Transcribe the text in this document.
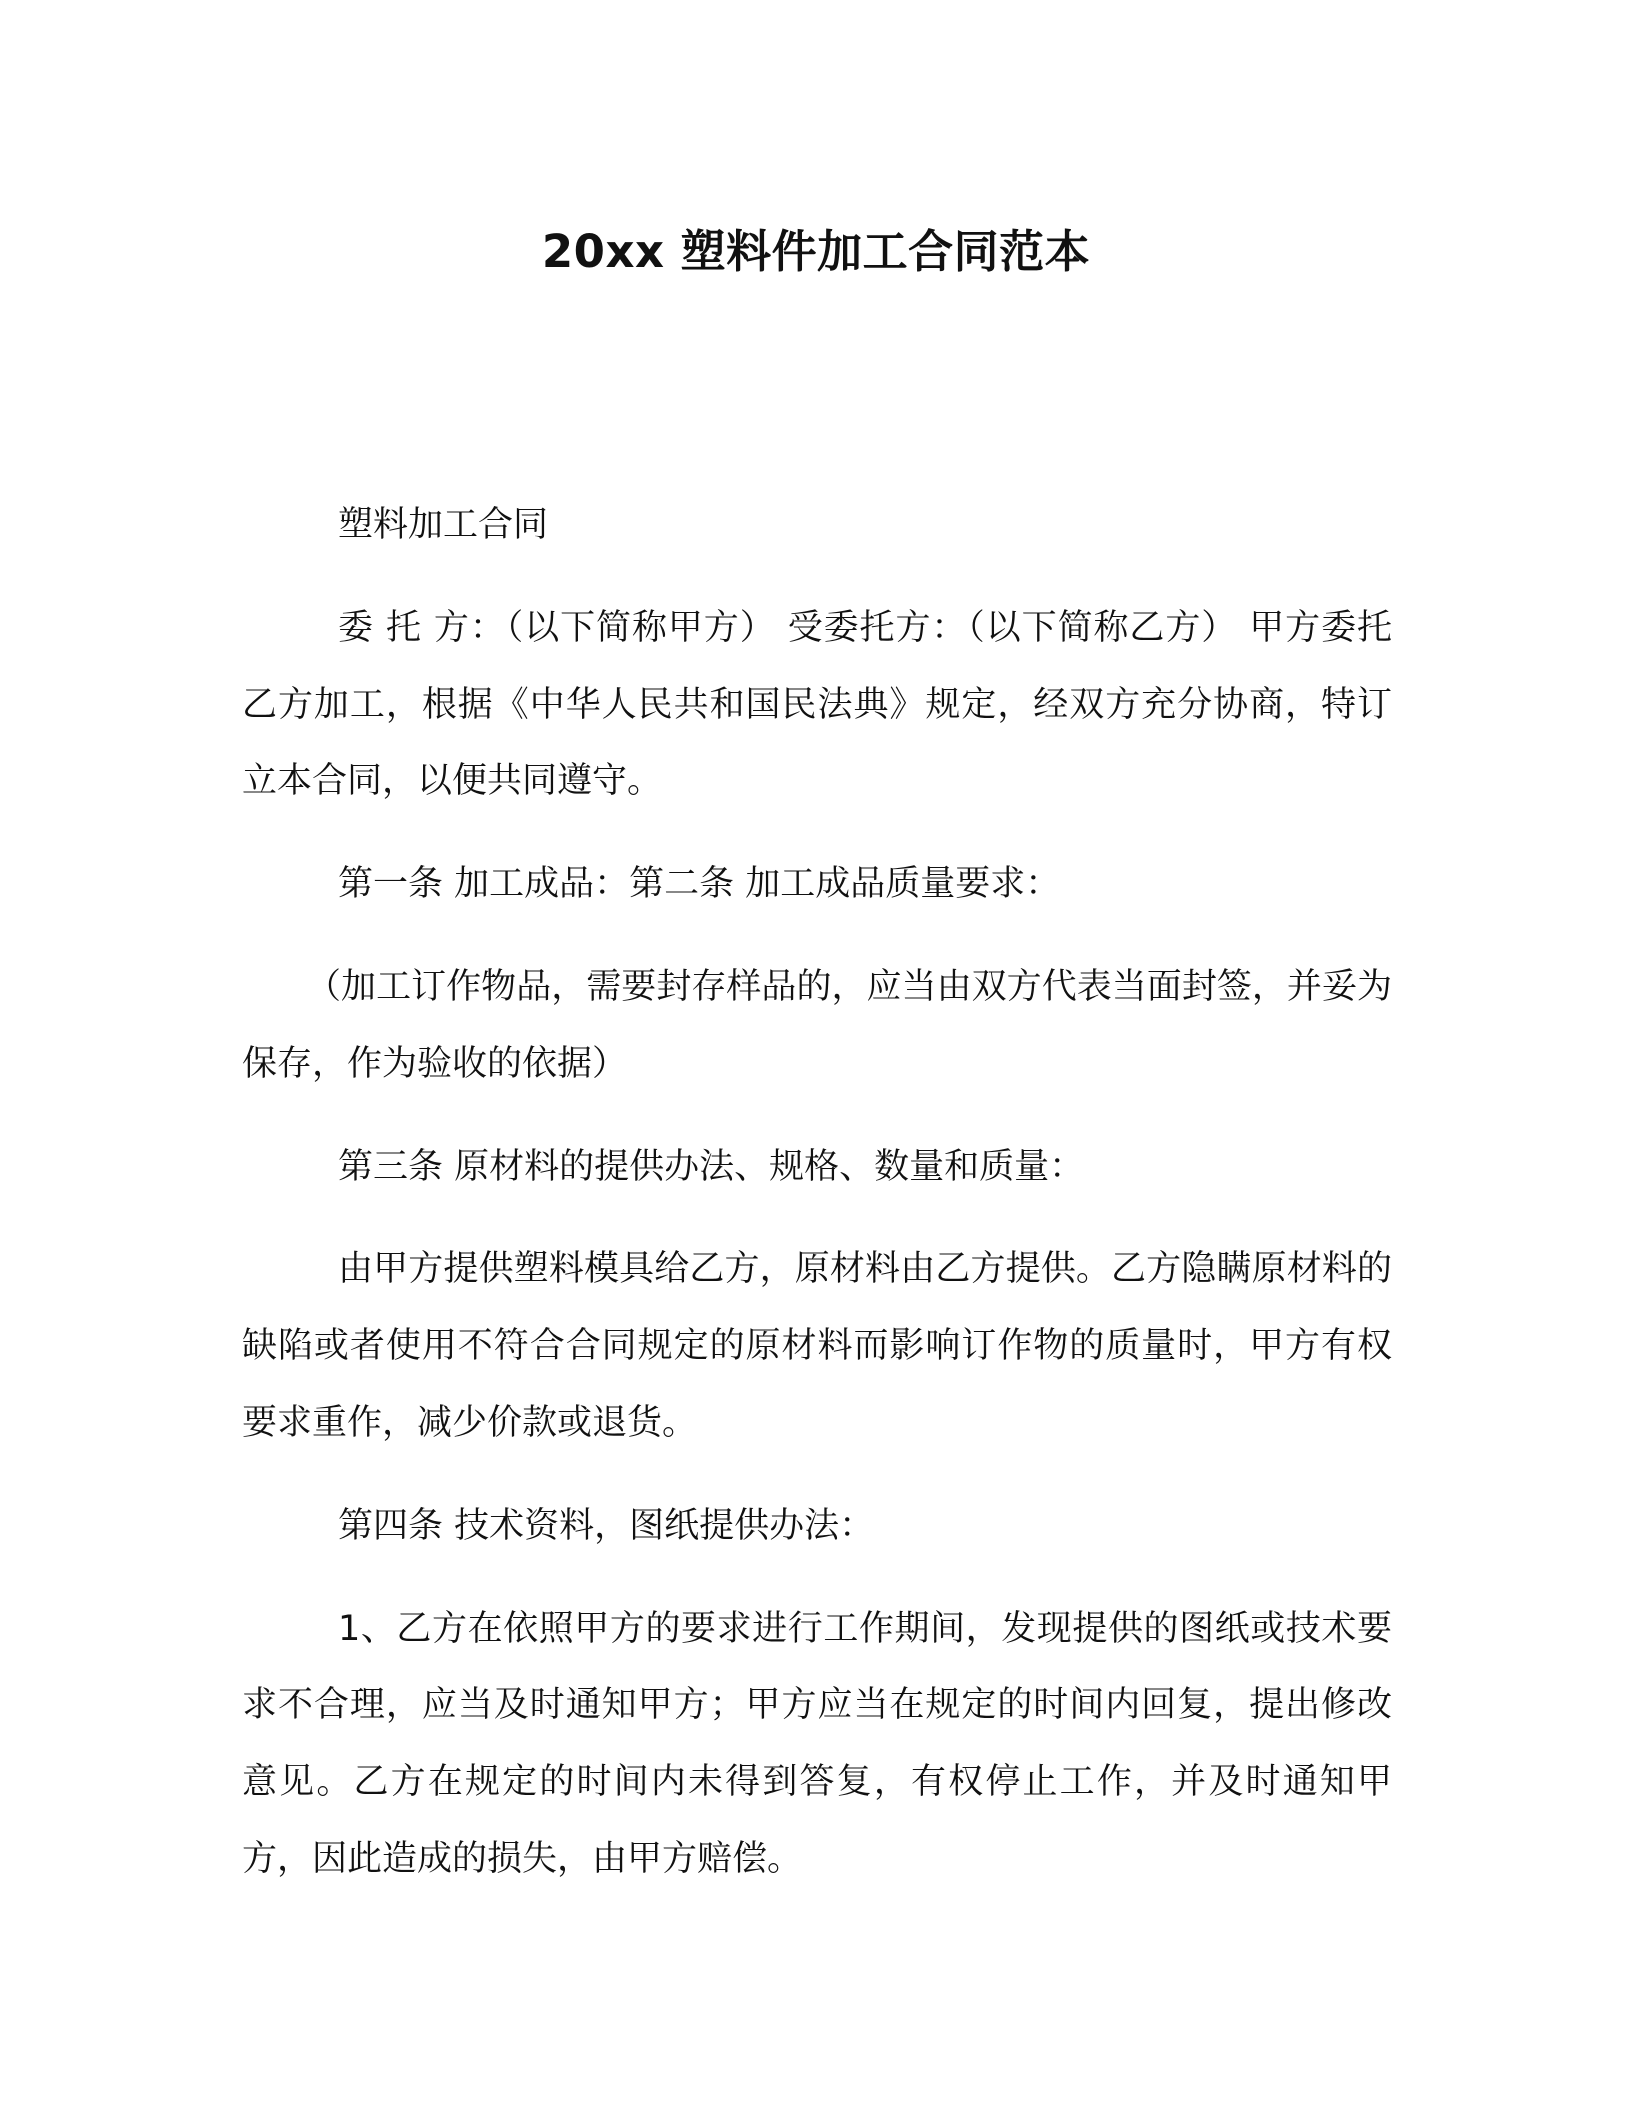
20xx 塑料件加工合同范本

塑料加工合同

委 托 方：（以下简称甲方） 受委托方：（以下简称乙方） 甲方委托乙方加工，根据《中华人民共和国民法典》规定，经双方充分协商，特订立本合同，以便共同遵守。

第一条 加工成品：第二条 加工成品质量要求：

（加工订作物品，需要封存样品的，应当由双方代表当面封签，并妥为保存，作为验收的依据）

第三条 原材料的提供办法、规格、数量和质量：

由甲方提供塑料模具给乙方，原材料由乙方提供。乙方隐瞒原材料的缺陷或者使用不符合合同规定的原材料而影响订作物的质量时，甲方有权要求重作，减少价款或退货。

第四条 技术资料，图纸提供办法：

1、乙方在依照甲方的要求进行工作期间，发现提供的图纸或技术要求不合理，应当及时通知甲方；甲方应当在规定的时间内回复，提出修改意见。乙方在规定的时间内未得到答复，有权停止工作，并及时通知甲方，因此造成的损失，由甲方赔偿。
